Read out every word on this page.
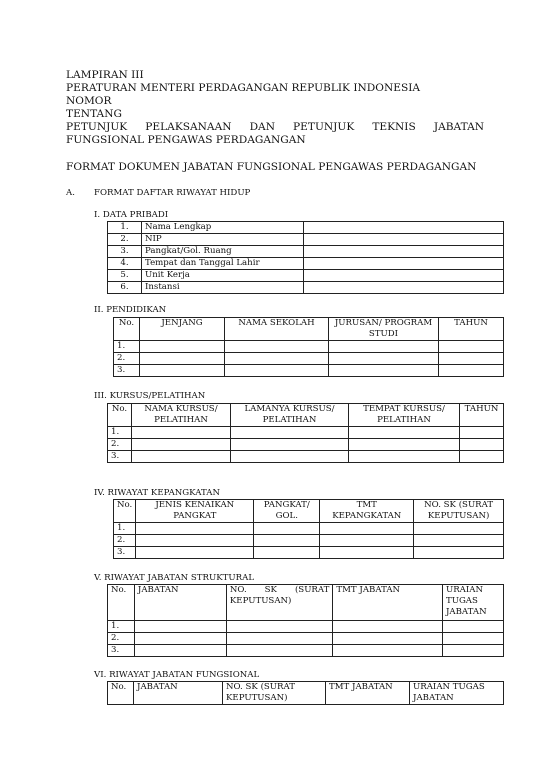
LAMPIRAN III
PERATURAN MENTERI PERDAGANGAN REPUBLIK INDONESIA
NOMOR
TENTANG
PETUNJUK PELAKSANAAN DAN PETUNJUK TEKNIS JABATAN
FUNGSIONAL PENGAWAS PERDAGANGAN
FORMAT DOKUMEN JABATAN FUNGSIONAL PENGAWAS PERDAGANGAN
A. FORMAT DAFTAR RIWAYAT HIDUP
I. DATA PRIBADI
1.	Nama Lengkap	
2.	NIP	
3.	Pangkat/Gol. Ruang	
4.	Tempat dan Tanggal Lahir	
5.	Unit Kerja	
6.	Instansi	
II. PENDIDIKAN
No.	JENJANG	NAMA SEKOLAH	JURUSAN/ PROGRAM STUDI	TAHUN
1.				
2.				
3.				
III. KURSUS/PELATIHAN
No.	NAMA KURSUS/ PELATIHAN	LAMANYA KURSUS/ PELATIHAN	TEMPAT KURSUS/ PELATIHAN	TAHUN
1.				
2.				
3.				
IV. RIWAYAT KEPANGKATAN
No.	JENIS KENAIKAN PANGKAT	PANGKAT/ GOL.	TMT KEPANGKATAN	NO. SK (SURAT KEPUTUSAN)
1.				
2.				
3.				
V. RIWAYAT JABATAN STRUKTURAL
No.	JABATAN	NO. SK (SURAT KEPUTUSAN)	TMT JABATAN	URAIAN TUGAS JABATAN
1.				
2.				
3.				
VI. RIWAYAT JABATAN FUNGSIONAL
No.	JABATAN	NO. SK (SURAT KEPUTUSAN)	TMT JABATAN	URAIAN TUGAS JABATAN
